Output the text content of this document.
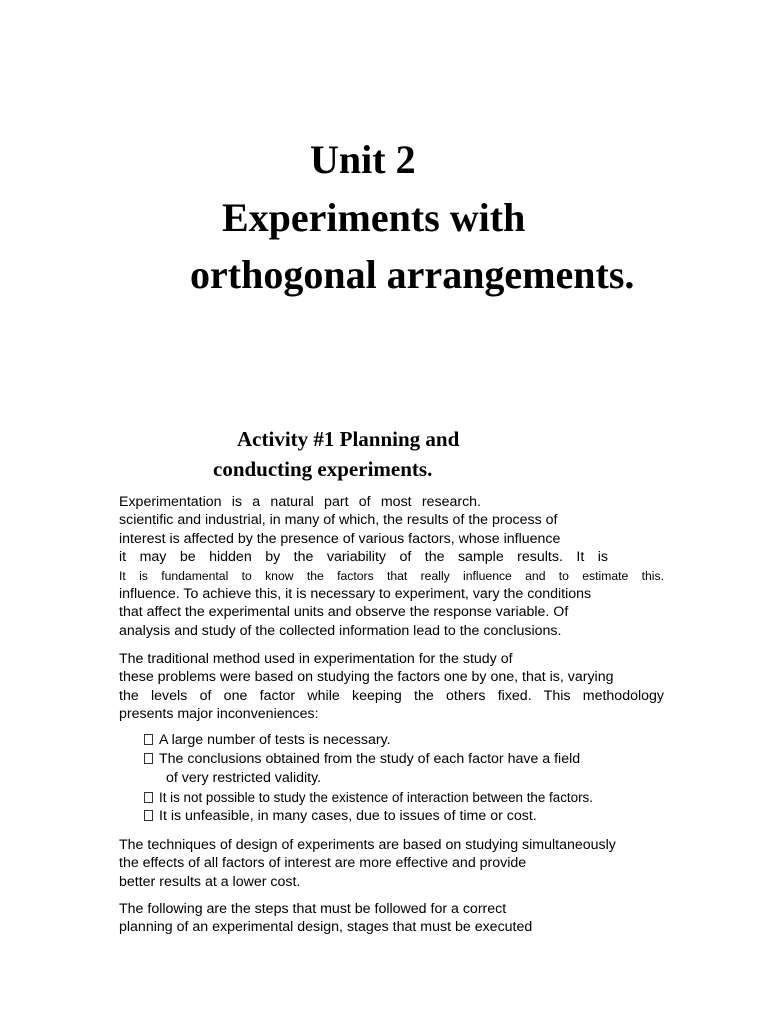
Unit 2
Experiments with
orthogonal arrangements.
Activity #1 Planning and
conducting experiments.
Experimentation is a natural part of most research.
scientific and industrial, in many of which, the results of the process of
interest is affected by the presence of various factors, whose influence
it may be hidden by the variability of the sample results. It is
It is fundamental to know the factors that really influence and to estimate this.
influence. To achieve this, it is necessary to experiment, vary the conditions
that affect the experimental units and observe the response variable. Of
analysis and study of the collected information lead to the conclusions.
The traditional method used in experimentation for the study of
these problems were based on studying the factors one by one, that is, varying
the levels of one factor while keeping the others fixed. This methodology
presents major inconveniences:
A large number of tests is necessary.
The conclusions obtained from the study of each factor have a field
of very restricted validity.
It is not possible to study the existence of interaction between the factors.
It is unfeasible, in many cases, due to issues of time or cost.
The techniques of design of experiments are based on studying simultaneously
the effects of all factors of interest are more effective and provide
better results at a lower cost.
The following are the steps that must be followed for a correct
planning of an experimental design, stages that must be executed
